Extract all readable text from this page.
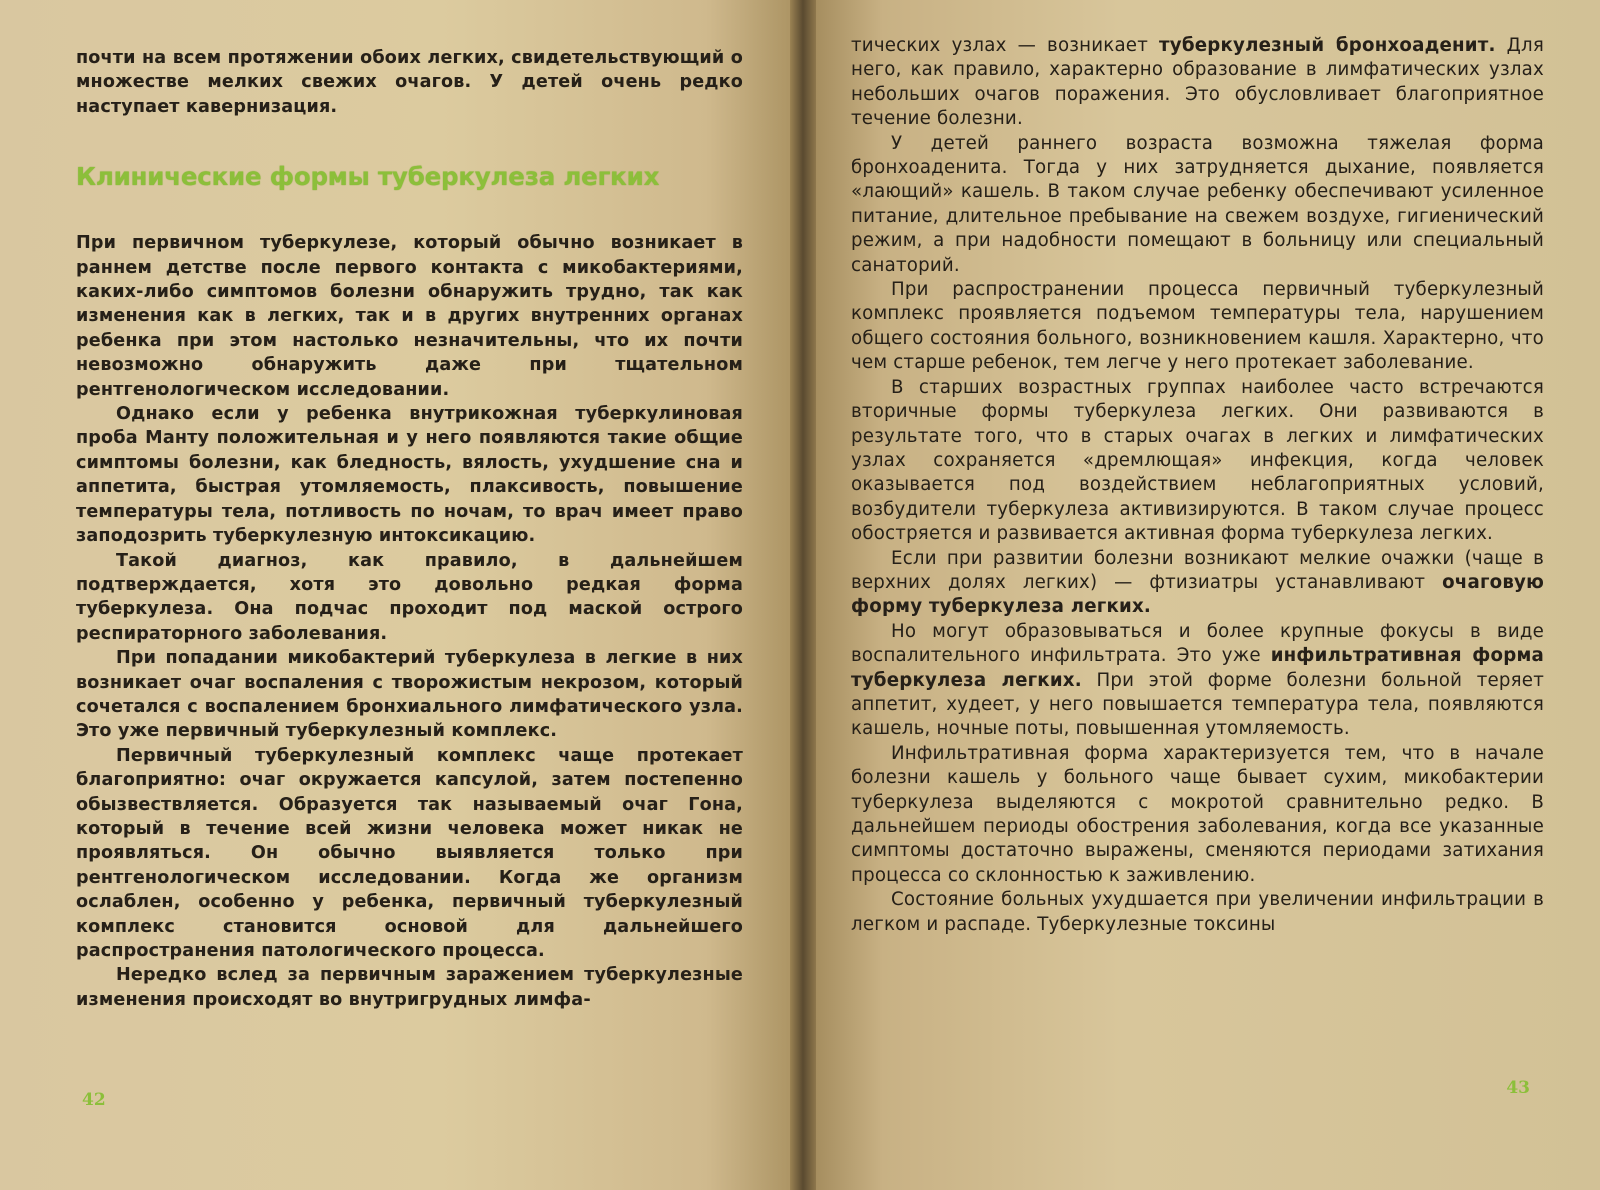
почти на всем протяжении обоих легких, свидетельствующий о множестве мелких свежих очагов. У детей очень редко наступает кавернизация.

Клинические формы туберкулеза легких

При первичном туберкулезе, который обычно возникает в раннем детстве после первого контакта с микобактериями, каких-либо симптомов болезни обнаружить трудно, так как изменения как в легких, так и в других внутренних органах ребенка при этом настолько незначительны, что их почти невозможно обнаружить даже при тщательном рентгенологическом исследовании.

Однако если у ребенка внутрикожная туберкулиновая проба Манту положительная и у него появляются такие общие симптомы болезни, как бледность, вялость, ухудшение сна и аппетита, быстрая утомляемость, плаксивость, повышение температуры тела, потливость по ночам, то врач имеет право заподозрить туберкулезную интоксикацию.

Такой диагноз, как правило, в дальнейшем подтверждается, хотя это довольно редкая форма туберкулеза. Она подчас проходит под маской острого респираторного заболевания.

При попадании микобактерий туберкулеза в легкие в них возникает очаг воспаления с творожистым некрозом, который сочетался с воспалением бронхиального лимфатического узла. Это уже первичный туберкулезный комплекс.

Первичный туберкулезный комплекс чаще протекает благоприятно: очаг окружается капсулой, затем постепенно обызвествляется. Образуется так называемый очаг Гона, который в течение всей жизни человека может никак не проявляться. Он обычно выявляется только при рентгенологическом исследовании. Когда же организм ослаблен, особенно у ребенка, первичный туберкулезный комплекс становится основой для дальнейшего распространения патологического процесса.

Нередко вслед за первичным заражением туберкулезные изменения происходят во внутригрудных лимфа-

42

тических узлах — возникает туберкулезный бронхоаденит. Для него, как правило, характерно образование в лимфатических узлах небольших очагов поражения. Это обусловливает благоприятное течение болезни.

У детей раннего возраста возможна тяжелая форма бронхоаденита. Тогда у них затрудняется дыхание, появляется «лающий» кашель. В таком случае ребенку обеспечивают усиленное питание, длительное пребывание на свежем воздухе, гигиенический режим, а при надобности помещают в больницу или специальный санаторий.

При распространении процесса первичный туберкулезный комплекс проявляется подъемом температуры тела, нарушением общего состояния больного, возникновением кашля. Характерно, что чем старше ребенок, тем легче у него протекает заболевание.

В старших возрастных группах наиболее часто встречаются вторичные формы туберкулеза легких. Они развиваются в результате того, что в старых очагах в легких и лимфатических узлах сохраняется «дремлющая» инфекция, когда человек оказывается под воздействием неблагоприятных условий, возбудители туберкулеза активизируются. В таком случае процесс обостряется и развивается активная форма туберкулеза легких.

Если при развитии болезни возникают мелкие очажки (чаще в верхних долях легких) — фтизиатры устанавливают очаговую форму туберкулеза легких.

Но могут образовываться и более крупные фокусы в виде воспалительного инфильтрата. Это уже инфильтративная форма туберкулеза легких. При этой форме болезни больной теряет аппетит, худеет, у него повышается температура тела, появляются кашель, ночные поты, повышенная утомляемость.

Инфильтративная форма характеризуется тем, что в начале болезни кашель у больного чаще бывает сухим, микобактерии туберкулеза выделяются с мокротой сравнительно редко. В дальнейшем периоды обострения заболевания, когда все указанные симптомы достаточно выражены, сменяются периодами затихания процесса со склонностью к заживлению.

Состояние больных ухудшается при увеличении инфильтрации в легком и распаде. Туберкулезные токсины

43
